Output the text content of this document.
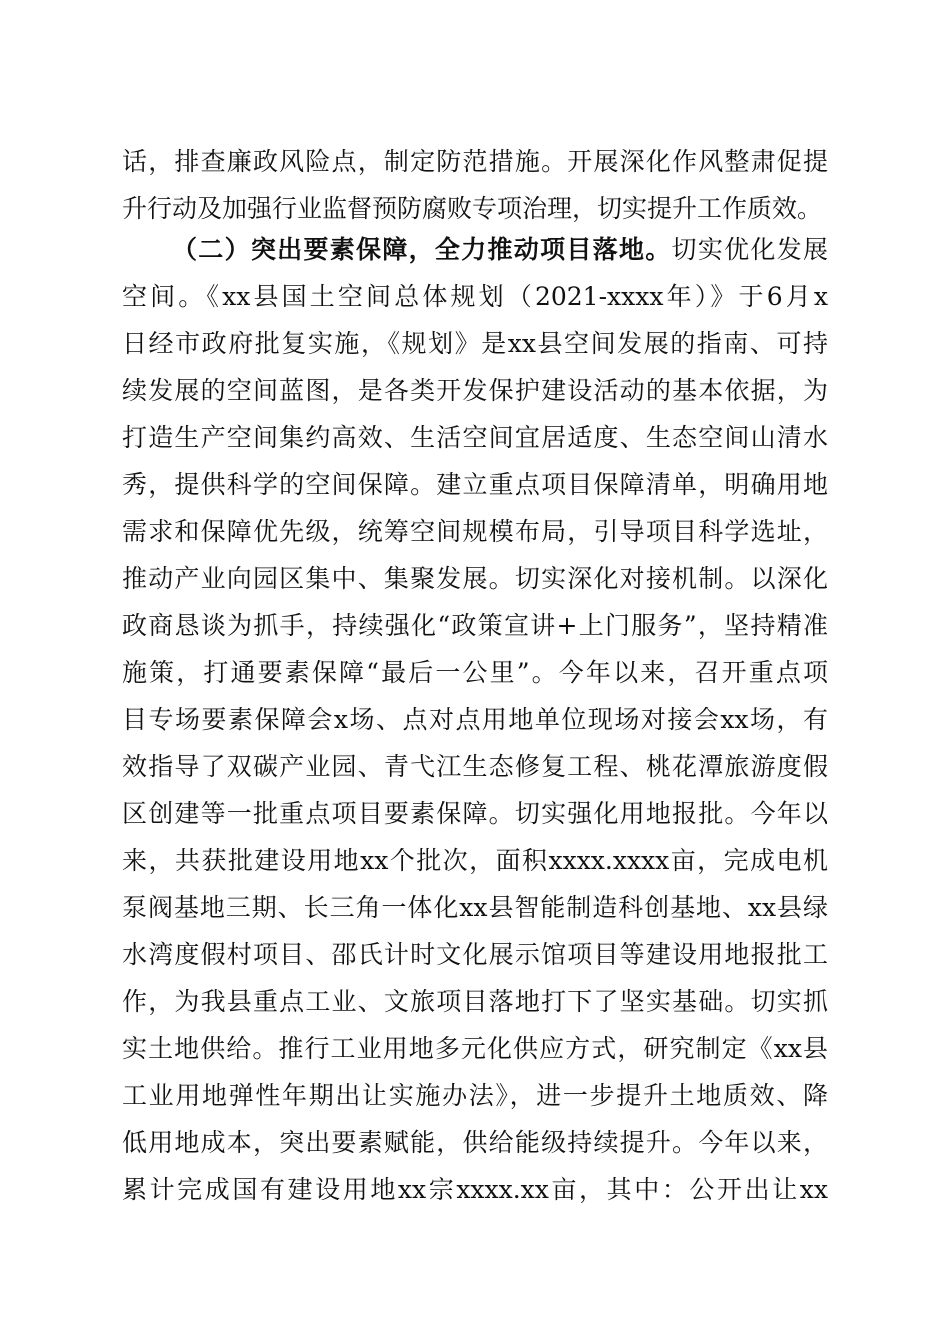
话，排查廉政风险点，制定防范措施。开展深化作风整肃促提
升行动及加强行业监督预防腐败专项治理，切实提升工作质效。
（二）突出要素保障，全力推动项目落地。切实优化发展
空间。《xx县国土空间总体规划（2021-xxxx年）》于6月x
日经市政府批复实施，《规划》是xx县空间发展的指南、可持
续发展的空间蓝图，是各类开发保护建设活动的基本依据，为
打造生产空间集约高效、生活空间宜居适度、生态空间山清水
秀，提供科学的空间保障。建立重点项目保障清单，明确用地
需求和保障优先级，统筹空间规模布局，引导项目科学选址，
推动产业向园区集中、集聚发展。切实深化对接机制。以深化
政商恳谈为抓手，持续强化“政策宣讲+上门服务”，坚持精准
施策，打通要素保障“最后一公里”。今年以来，召开重点项
目专场要素保障会x场、点对点用地单位现场对接会xx场，有
效指导了双碳产业园、青弋江生态修复工程、桃花潭旅游度假
区创建等一批重点项目要素保障。切实强化用地报批。今年以
来，共获批建设用地xx个批次，面积xxxx.xxxx亩，完成电机
泵阀基地三期、长三角一体化xx县智能制造科创基地、xx县绿
水湾度假村项目、邵氏计时文化展示馆项目等建设用地报批工
作，为我县重点工业、文旅项目落地打下了坚实基础。切实抓
实土地供给。推行工业用地多元化供应方式，研究制定《xx县
工业用地弹性年期出让实施办法》，进一步提升土地质效、降
低用地成本，突出要素赋能，供给能级持续提升。今年以来，
累计完成国有建设用地xx宗xxxx.xx亩，其中：公开出让xx
